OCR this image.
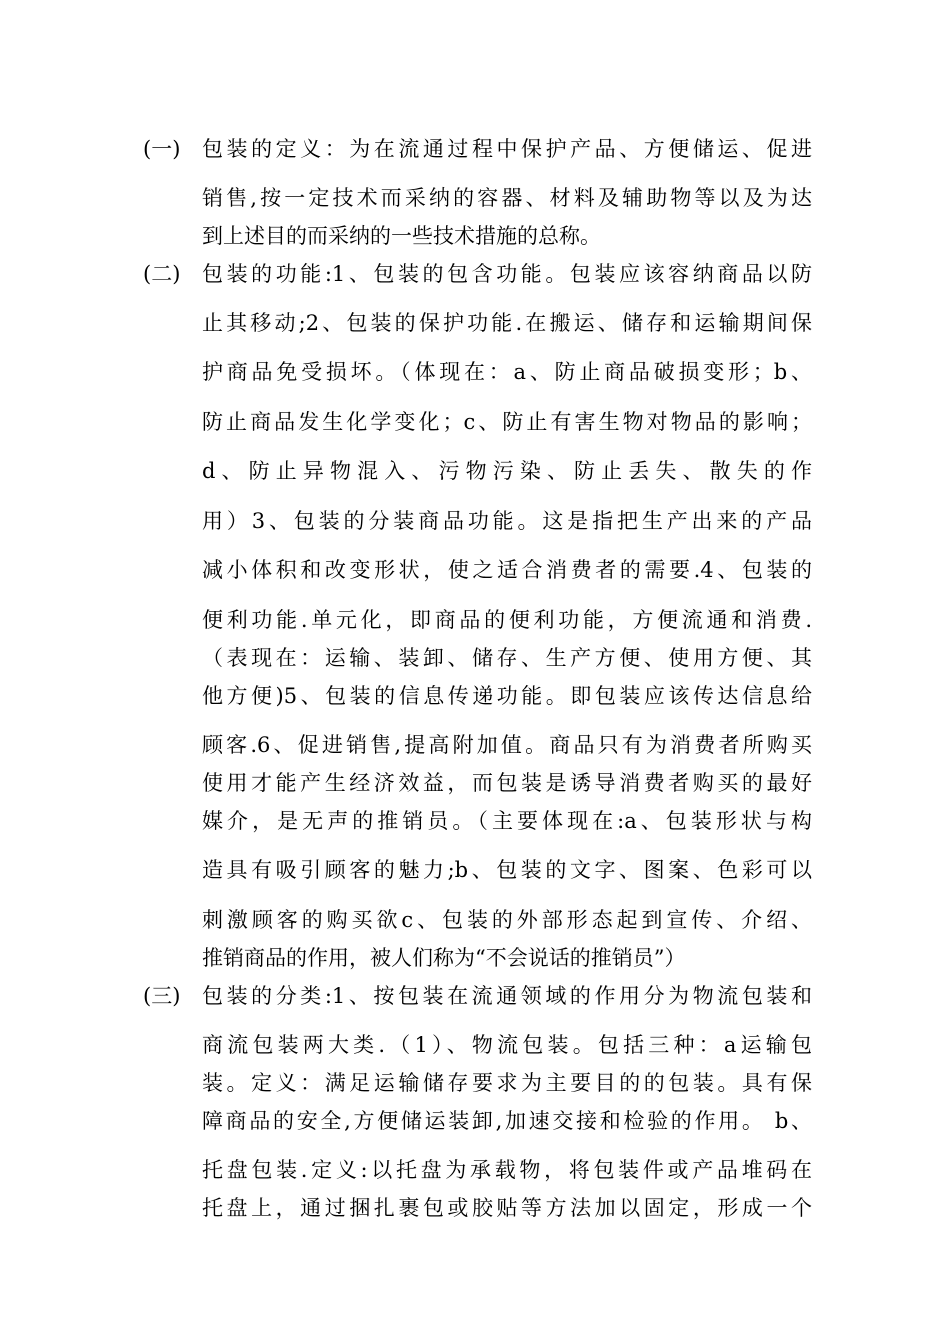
(一) 包装的定义：为在流通过程中保护产品、方便储运、促进
销售,按一定技术而采纳的容器、材料及辅助物等以及为达
到上述目的而采纳的一些技术措施的总称。
(二) 包装的功能:1、包装的包含功能。包装应该容纳商品以防
止其移动;2、包装的保护功能.在搬运、储存和运输期间保
护商品免受损坏。（体现在：a、防止商品破损变形；b、
防止商品发生化学变化；c、防止有害生物对物品的影响；
d、防止异物混入、污物污染、防止丢失、散失的作
用）3、包装的分装商品功能。这是指把生产出来的产品
减小体积和改变形状，使之适合消费者的需要.4、包装的
便利功能.单元化，即商品的便利功能，方便流通和消费.
（表现在：运输、装卸、储存、生产方便、使用方便、其
他方便)5、包装的信息传递功能。即包装应该传达信息给
顾客.6、促进销售,提高附加值。商品只有为消费者所购买
使用才能产生经济效益，而包装是诱导消费者购买的最好
媒介，是无声的推销员。（主要体现在:a、包装形状与构
造具有吸引顾客的魅力;b、包装的文字、图案、色彩可以
刺激顾客的购买欲c、包装的外部形态起到宣传、介绍、
推销商品的作用，被人们称为“不会说话的推销员”）
(三) 包装的分类:1、按包装在流通领域的作用分为物流包装和
商流包装两大类.（1）、物流包装。包括三种：a运输包
装。定义：满足运输储存要求为主要目的的包装。具有保
障商品的安全,方便储运装卸,加速交接和检验的作用。 b、
托盘包装.定义:以托盘为承载物，将包装件或产品堆码在
托盘上，通过捆扎裹包或胶贴等方法加以固定，形成一个
